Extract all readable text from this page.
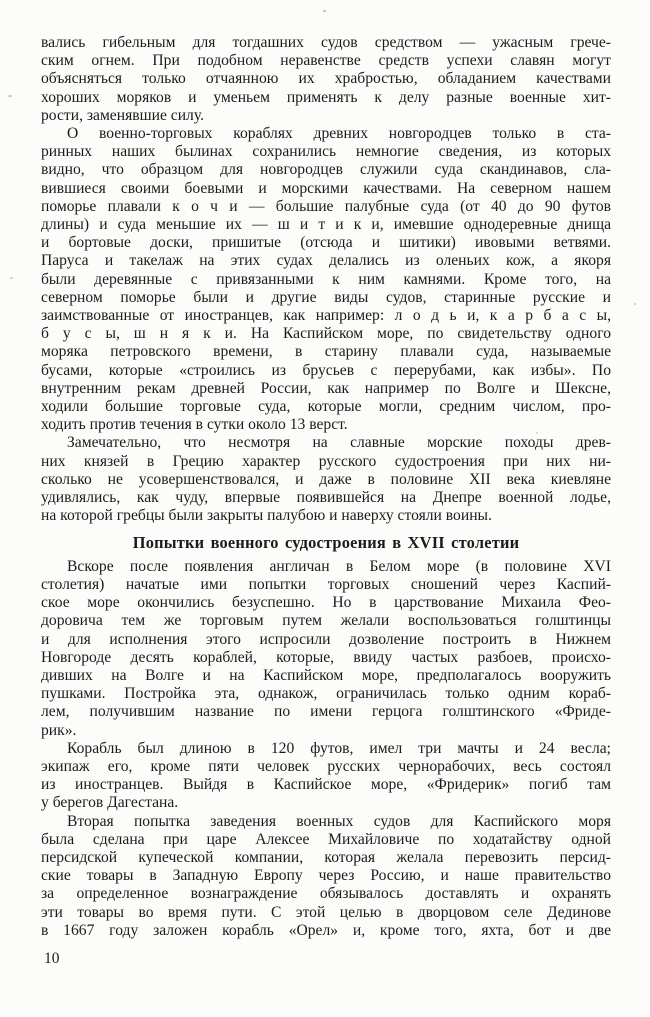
вались гибельным для тогдашних судов средством — ужасным грече-
ским огнем. При подобном неравенстве средств успехи славян могут
объясняться только отчаянною их храбростью, обладанием качествами
хороших моряков и уменьем применять к делу разные военные хит-
рости, заменявшие силу.
О военно-торговых кораблях древних новгородцев только в ста-
ринных наших былинах сохранились немногие сведения, из которых
видно, что образцом для новгородцев служили суда скандинавов, сла-
вившиеся своими боевыми и морскими качествами. На северном нашем
поморье плавали к о ч и — большие палубные суда (от 40 до 90 футов
длины) и суда меньшие их — ш и т и к и, имевшие однодеревные днища
и бортовые доски, пришитые (отсюда и шитики) ивовыми ветвями.
Паруса и такелаж на этих судах делались из оленьих кож, а якоря
были деревянные с привязанными к ним камнями. Кроме того, на
северном поморье были и другие виды судов, старинные русские и
заимствованные от иностранцев, как например: л о д ь и, к а р б а с ы,
б у с ы, ш н я к и. На Каспийском море, по свидетельству одного
моряка петровского времени, в старину плавали суда, называемые
бусами, которые «строились из брусьев с перерубами, как избы». По
внутренним рекам древней России, как например по Волге и Шексне,
ходили большие торговые суда, которые могли, средним числом, про-
ходить против течения в сутки около 13 верст.
Замечательно, что несмотря на славные морские походы древ-
них князей в Грецию характер русского судостроения при них ни-
сколько не усовершенствовался, и даже в половине XII века киевляне
удивлялись, как чуду, впервые появившейся на Днепре военной лодье,
на которой гребцы были закрыты палубою и наверху стояли воины.
Попытки военного судостроения в XVII столетии
Вскоре после появления англичан в Белом море (в половине XVI
столетия) начатые ими попытки торговых сношений через Каспий-
ское море окончились безуспешно. Но в царствование Михаила Фео-
доровича тем же торговым путем желали воспользоваться голштинцы
и для исполнения этого испросили дозволение построить в Нижнем
Новгороде десять кораблей, которые, ввиду частых разбоев, происхо-
дивших на Волге и на Каспийском море, предполагалось вооружить
пушками. Постройка эта, однакож, ограничилась только одним кораб-
лем, получившим название по имени герцога голштинского «Фриде-
рик».
Корабль был длиною в 120 футов, имел три мачты и 24 весла;
экипаж его, кроме пяти человек русских чернорабочих, весь состоял
из иностранцев. Выйдя в Каспийское море, «Фридерик» погиб там
у берегов Дагестана.
Вторая попытка заведения военных судов для Каспийского моря
была сделана при царе Алексее Михайловиче по ходатайству одной
персидской купеческой компании, которая желала перевозить персид-
ские товары в Западную Европу через Россию, и наше правительство
за определенное вознаграждение обязывалось доставлять и охранять
эти товары во время пути. С этой целью в дворцовом селе Дединове
в 1667 году заложен корабль «Орел» и, кроме того, яхта, бот и две
10
